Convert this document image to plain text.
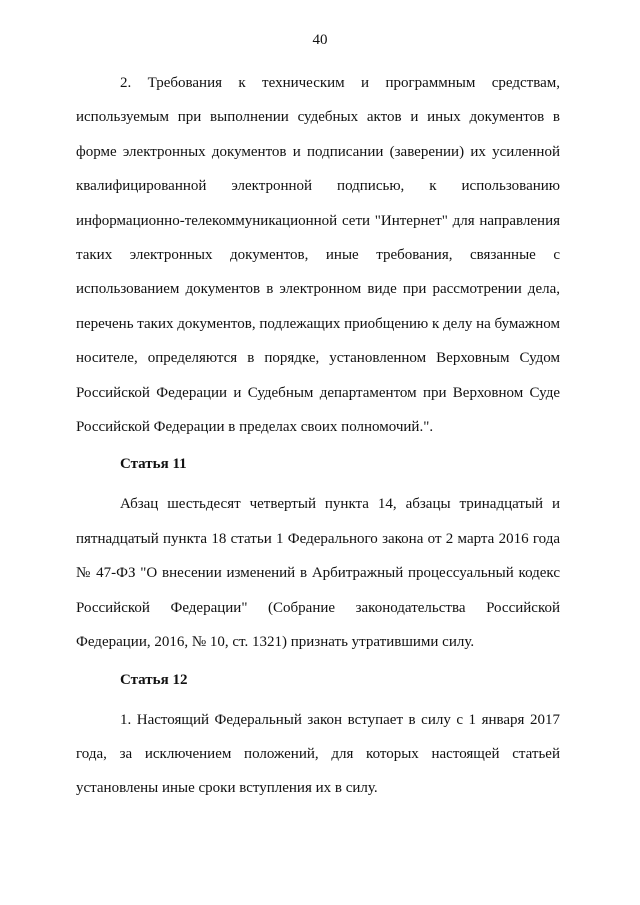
40

2. Требования к техническим и программным средствам, используемым при выполнении судебных актов и иных документов в форме электронных документов и подписании (заверении) их усиленной квалифицированной электронной подписью, к использованию информационно-телекоммуникационной сети "Интернет" для направления таких электронных документов, иные требования, связанные с использованием документов в электронном виде при рассмотрении дела, перечень таких документов, подлежащих приобщению к делу на бумажном носителе, определяются в порядке, установленном Верховным Судом Российской Федерации и Судебным департаментом при Верховном Суде Российской Федерации в пределах своих полномочий.".

Статья 11

Абзац шестьдесят четвертый пункта 14, абзацы тринадцатый и пятнадцатый пункта 18 статьи 1 Федерального закона от 2 марта 2016 года № 47-ФЗ "О внесении изменений в Арбитражный процессуальный кодекс Российской Федерации" (Собрание законодательства Российской Федерации, 2016, № 10, ст. 1321) признать утратившими силу.

Статья 12

1. Настоящий Федеральный закон вступает в силу с 1 января 2017 года, за исключением положений, для которых настоящей статьей установлены иные сроки вступления их в силу.
